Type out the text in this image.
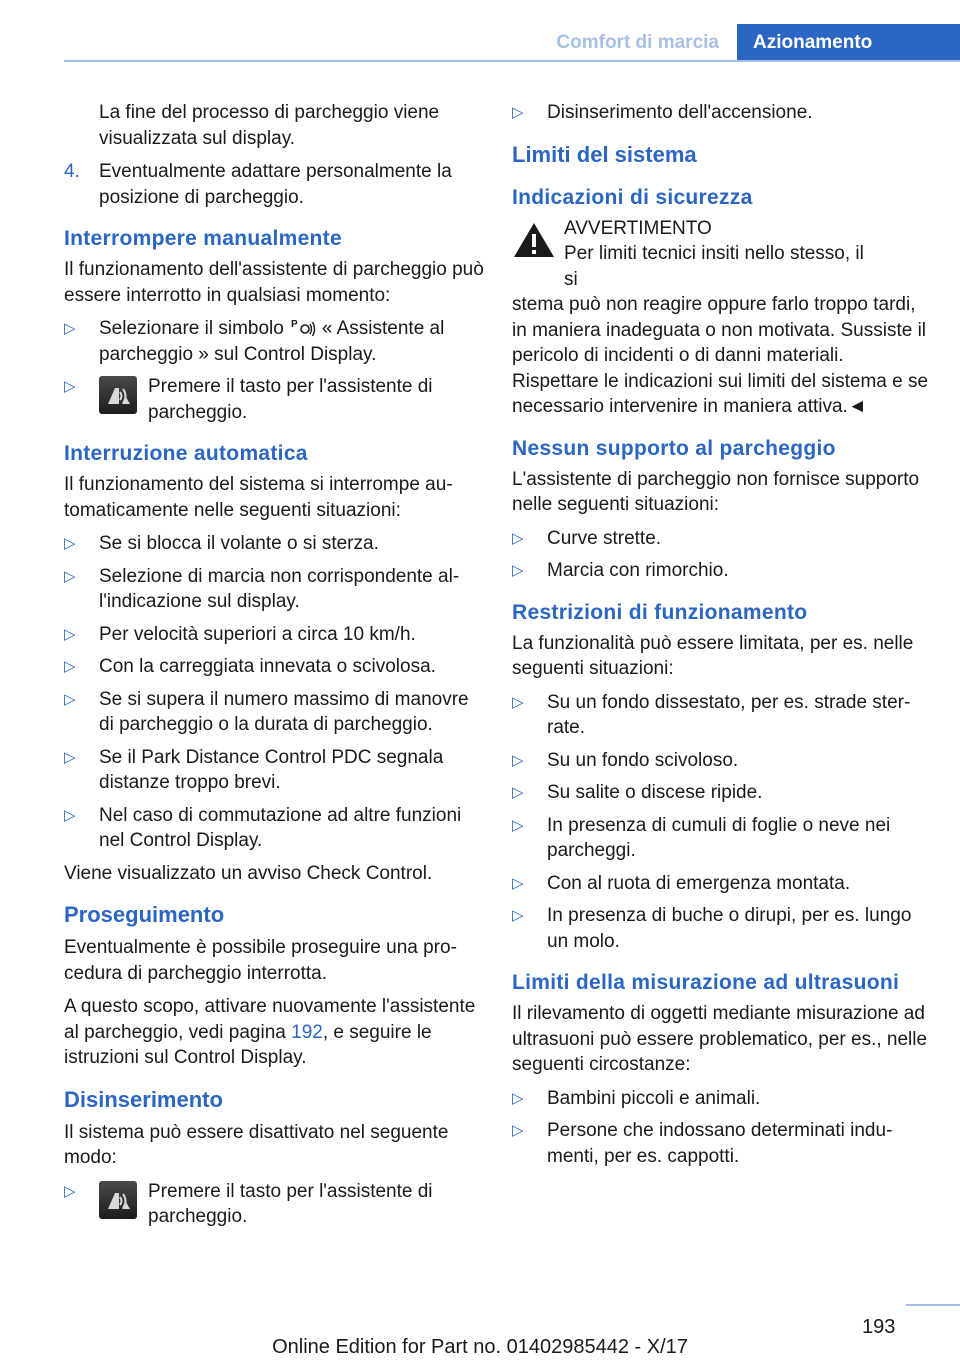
Comfort di marcia	Azionamento

La fine del processo di parcheggio viene visualizzata sul display.

4.	Eventualmente adattare personalmente la posizione di parcheggio.
Interrompere manualmente

Il funzionamento dell'assistente di parcheggio può essere interrotto in qualsiasi momento:

▷	Selezionare il simbolo P « Assistente al parcheggio » sul Control Display.
▷	Premere il tasto per l'assistente di parcheggio.
Interruzione automatica

Il funzionamento del sistema si interrompe automaticamente nelle seguenti situazioni:

▷	Se si blocca il volante o si sterza.
▷	Selezione di marcia non corrispondente all'indicazione sul display.
▷	Per velocità superiori a circa 10 km/h.
▷	Con la carreggiata innevata o scivolosa.
▷	Se si supera il numero massimo di manovre di parcheggio o la durata di parcheggio.
▷	Se il Park Distance Control PDC segnala distanze troppo brevi.
▷	Nel caso di commutazione ad altre funzioni nel Control Display.

Viene visualizzato un avviso Check Control.

Proseguimento

Eventualmente è possibile proseguire una procedura di parcheggio interrotta.

A questo scopo, attivare nuovamente l'assistente al parcheggio, vedi pagina 192, e seguire le istruzioni sul Control Display.

Disinserimento

Il sistema può essere disattivato nel seguente modo:

▷	Premere il tasto per l'assistente di parcheggio.
▷	Disinserimento dell'accensione.
Limiti del sistema
Indicazioni di sicurezza
AVVERTIMENTO
Per limiti tecnici insiti nello stesso, il si

stema può non reagire oppure farlo troppo tardi, in maniera inadeguata o non motivata. Sussiste il pericolo di incidenti o di danni materiali. Rispettare le indicazioni sui limiti del sistema e se necessario intervenire in maniera attiva.◄

Nessun supporto al parcheggio

L'assistente di parcheggio non fornisce supporto nelle seguenti situazioni:

▷	Curve strette.
▷	Marcia con rimorchio.
Restrizioni di funzionamento

La funzionalità può essere limitata, per es. nelle seguenti situazioni:

▷	Su un fondo dissestato, per es. strade sterrate.
▷	Su un fondo scivoloso.
▷	Su salite o discese ripide.
▷	In presenza di cumuli di foglie o neve nei parcheggi.
▷	Con al ruota di emergenza montata.
▷	In presenza di buche o dirupi, per es. lungo un molo.
Limiti della misurazione ad ultrasuoni

Il rilevamento di oggetti mediante misurazione ad ultrasuoni può essere problematico, per es., nelle seguenti circostanze:

▷	Bambini piccoli e animali.
▷	Persone che indossano determinati indumenti, per es. cappotti.
193
Online Edition for Part no. 01402985442 - X/17
